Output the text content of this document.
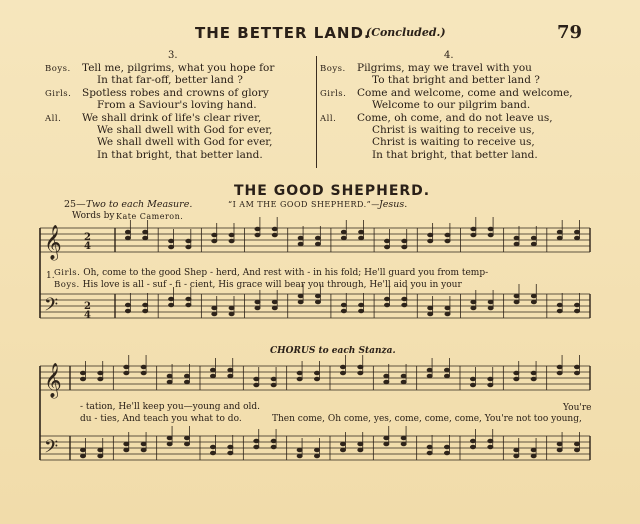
THE BETTER LAND.
(Concluded.)	79
3.
Boys. Tell me, pilgrims, what you hope for
In that far-off, better land ?
Girls. Spotless robes and crowns of glory
From a Saviour's loving hand.
All. We shall drink of life's clear river,
We shall dwell with God for ever,
We shall dwell with God for ever,
In that bright, that better land.
4.
Boys. Pilgrims, may we travel with you
To that bright and better land ?
Girls. Come and welcome, come and welcome,
Welcome to our pilgrim band.
All. Come, oh come, and do not leave us,
Christ is waiting to receive us,
Christ is waiting to receive us,
In that bright, that better land.
THE GOOD SHEPHERD.
25— Two to each Measure.	“I AM THE GOOD SHEPHERD.”— Jesus.
Words by Kate Cameron.
𝄞
𝄢
𝄞
𝄢
2
4
2
4
1. Girls. Oh, come to the good Shep - herd, And rest with - in his fold; He'll guard you from temp-
Boys. His love is all - suf - fi - cient, His grace will bear you through, He'll aid you in your
CHORUS to each Stanza.
- tation, He'll keep you—young and old.	You're
du - ties, And teach you what to do.	Then come, Oh come, yes, come, come, come, You're not too young,
